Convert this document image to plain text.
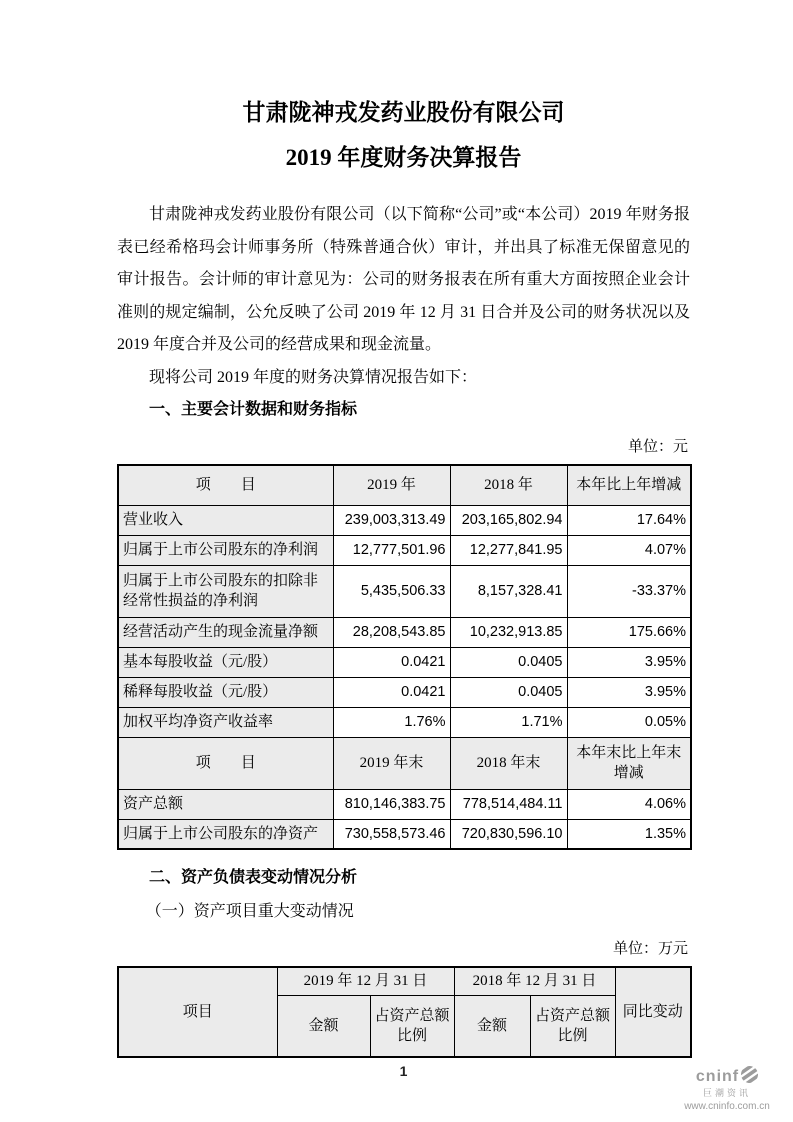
甘肃陇神戎发药业股份有限公司
2019 年度财务决算报告

甘肃陇神戎发药业股份有限公司（以下简称“公司”或“本公司）2019 年财务报表已经希格玛会计师事务所（特殊普通合伙）审计，并出具了标准无保留意见的审计报告。会计师的审计意见为：公司的财务报表在所有重大方面按照企业会计准则的规定编制，公允反映了公司 2019 年 12 月 31 日合并及公司的财务状况以及 2019 年度合并及公司的经营成果和现金流量。

现将公司 2019 年度的财务决算情况报告如下：

一、主要会计数据和财务指标

单位：元
项　　目	2019 年	2018 年	本年比上年增减
营业收入	239,003,313.49	203,165,802.94	17.64%
归属于上市公司股东的净利润	12,777,501.96	12,277,841.95	4.07%
归属于上市公司股东的扣除非经常性损益的净利润	5,435,506.33	8,157,328.41	-33.37%
经营活动产生的现金流量净额	28,208,543.85	10,232,913.85	175.66%
基本每股收益（元/股）	0.0421	0.0405	3.95%
稀释每股收益（元/股）	0.0421	0.0405	3.95%
加权平均净资产收益率	1.76%	1.71%	0.05%
项　　目	2019 年末	2018 年末	本年末比上年末增减
资产总额	810,146,383.75	778,514,484.11	4.06%
归属于上市公司股东的净资产	730,558,573.46	720,830,596.10	1.35%

二、资产负债表变动情况分析

（一）资产项目重大变动情况

单位：万元
项目	2019 年 12 月 31 日		2018 年 12 月 31 日		同比变动
	金额	占资产总额比例	金额	占资产总额比例	
1	cninf
巨潮资讯
www.cninfo.com.cn
